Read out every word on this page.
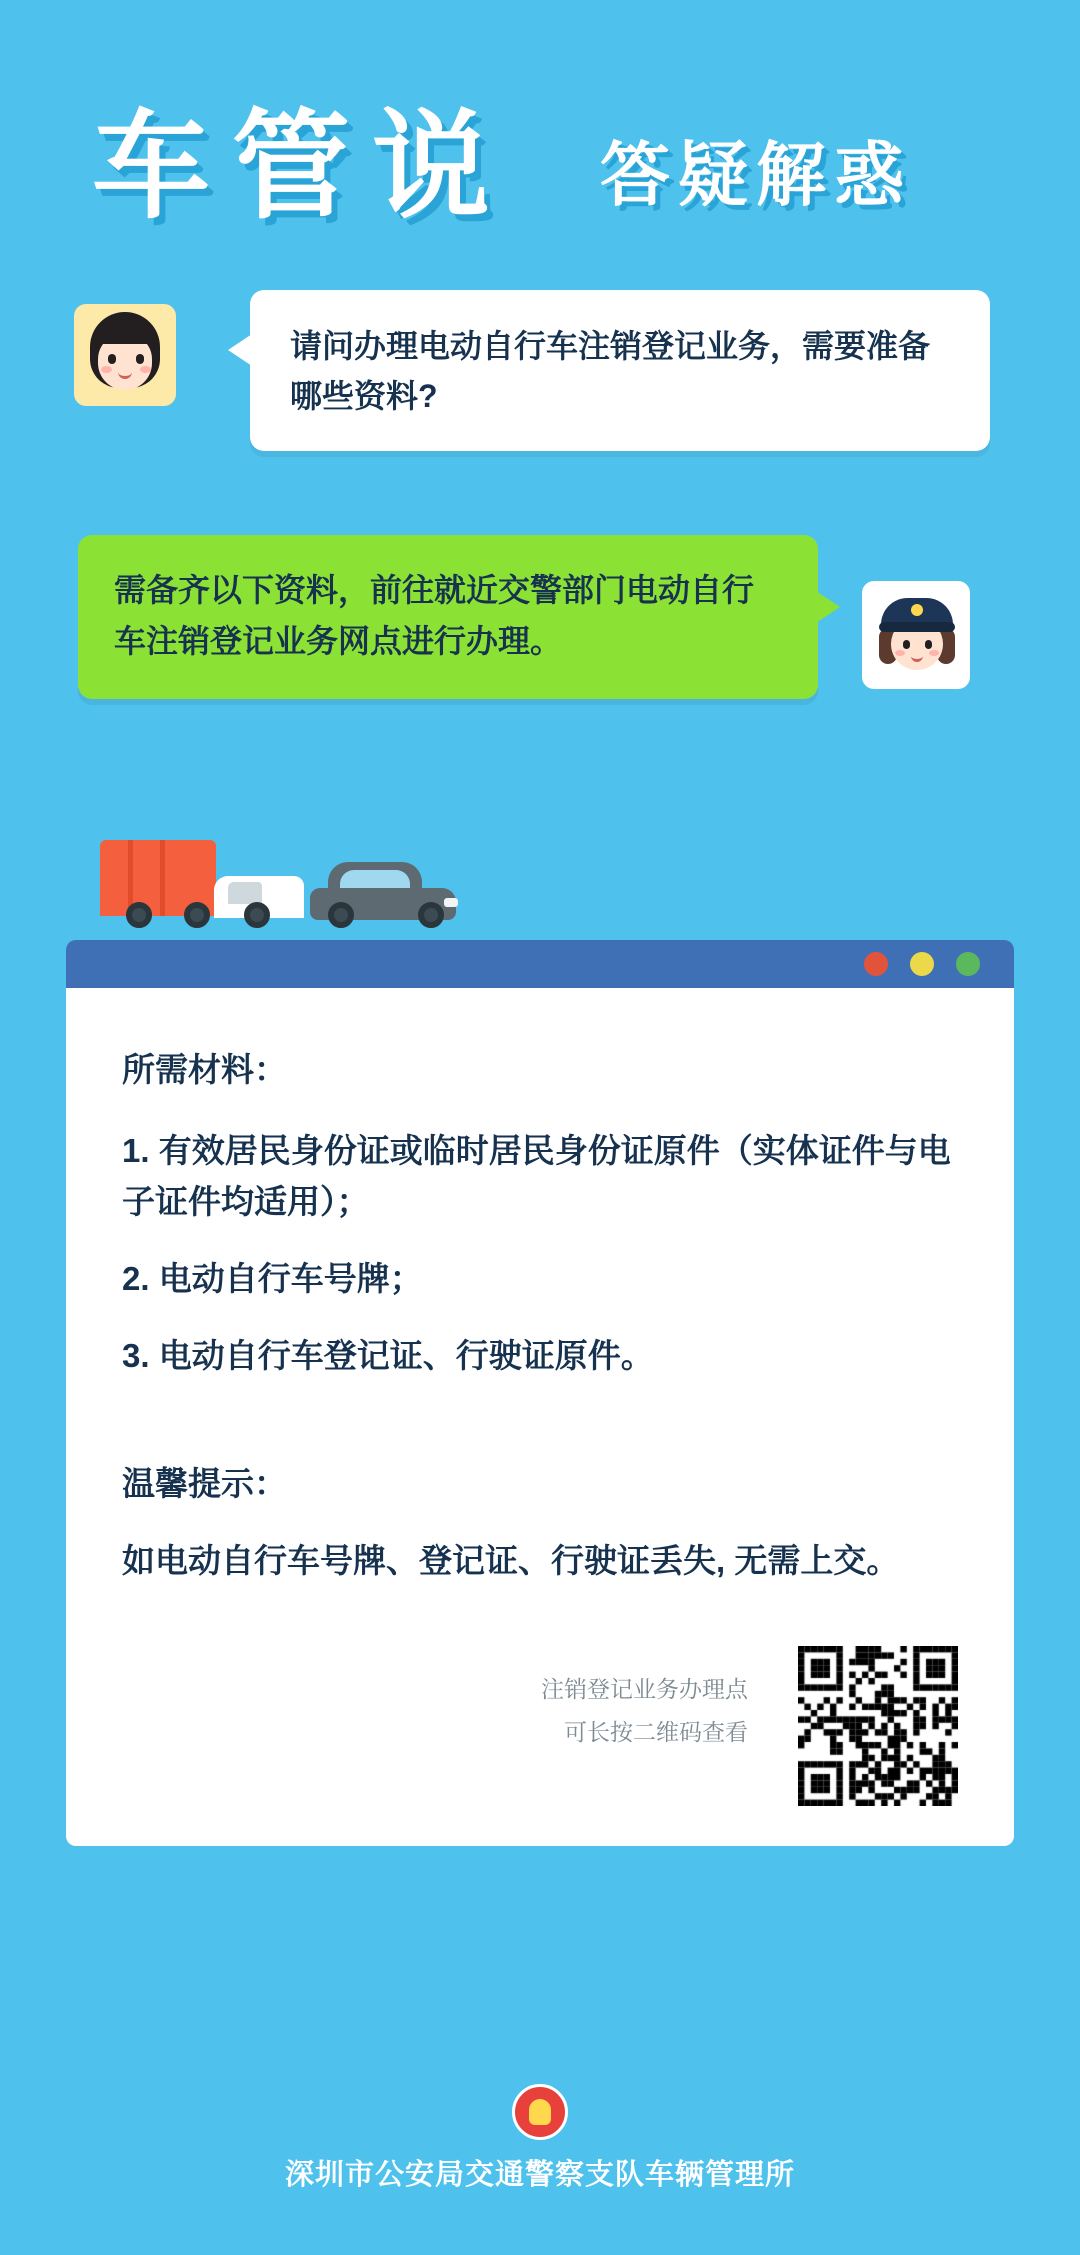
车管说 答疑解惑
请问办理电动自行车注销登记业务，需要准备哪些资料?
需备齐以下资料，前往就近交警部门电动自行车注销登记业务网点进行办理。
所需材料：
1. 有效居民身份证或临时居民身份证原件（实体证件与电子证件均适用）；
2. 电动自行车号牌；
3. 电动自行车登记证、行驶证原件。
温馨提示：
如电动自行车号牌、登记证、行驶证丢失, 无需上交。
注销登记业务办理点
可长按二维码查看
深圳市公安局交通警察支队车辆管理所
